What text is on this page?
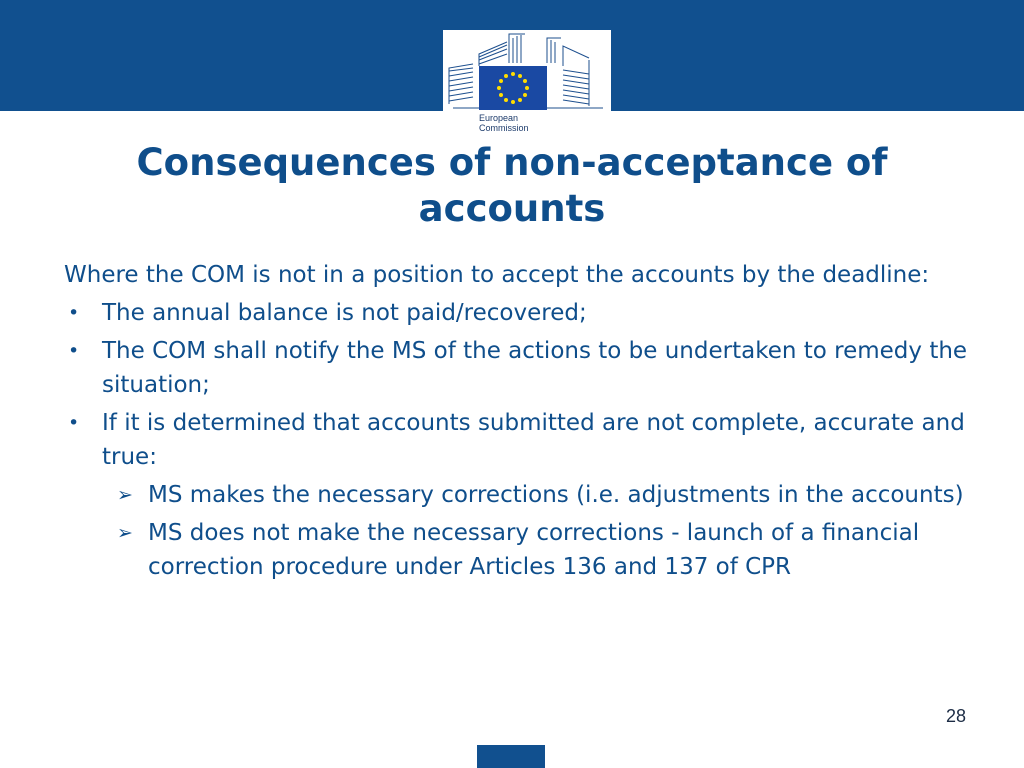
European
Commission
Consequences of non-acceptance of accounts

Where the COM is not in a position to accept the accounts by the deadline:

• The annual balance is not paid/recovered;
• The COM shall notify the MS of the actions to be undertaken to remedy the situation;
• If it is determined that accounts submitted are not complete, accurate and true:
➢ MS makes the necessary corrections (i.e. adjustments in the accounts)
➢ MS does not make the necessary corrections - launch of a financial correction procedure under Articles 136 and 137 of CPR
28
